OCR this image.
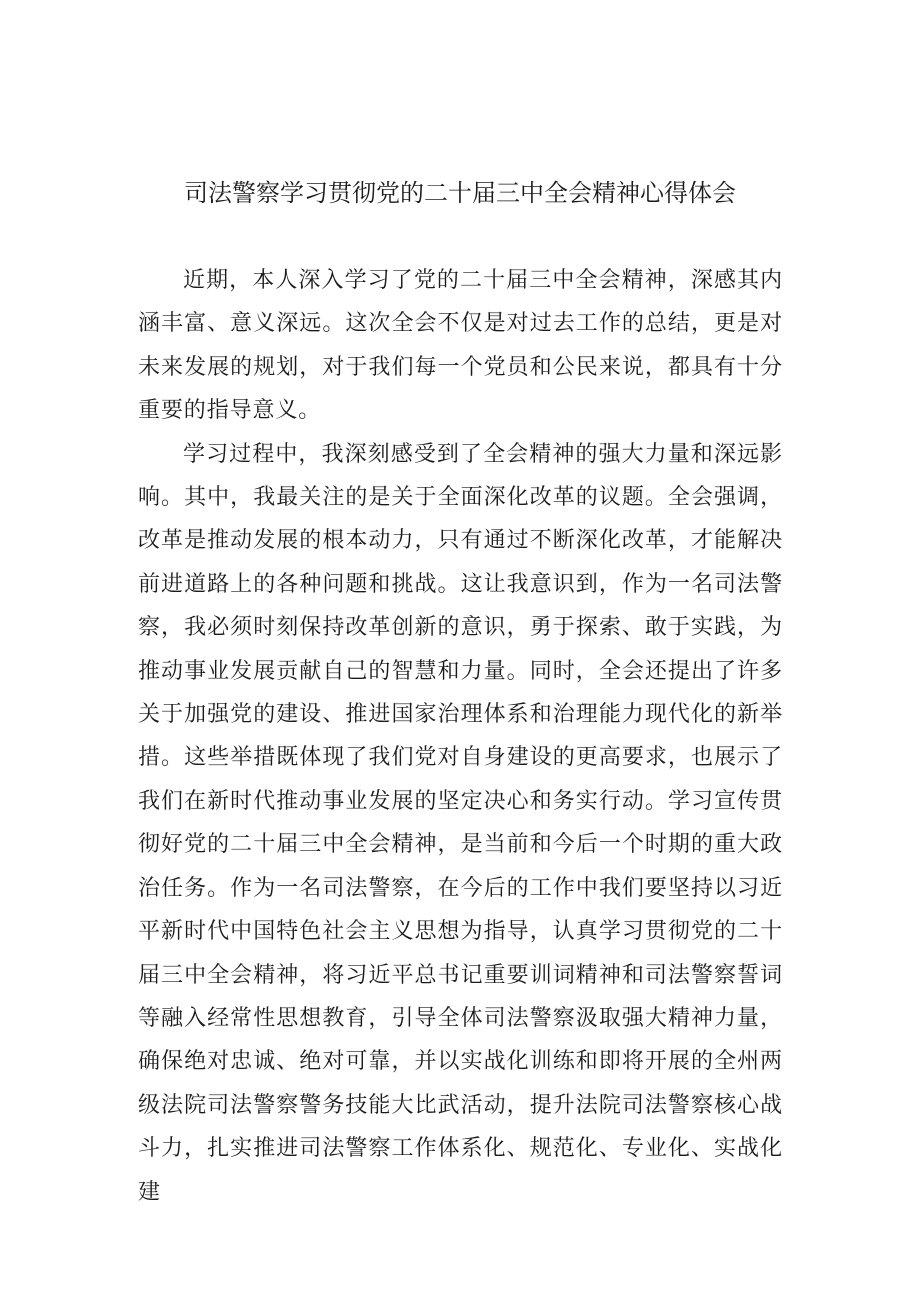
司法警察学习贯彻党的二十届三中全会精神心得体会

近期，本人深入学习了党的二十届三中全会精神，深感其内涵丰富、意义深远。这次全会不仅是对过去工作的总结，更是对未来发展的规划，对于我们每一个党员和公民来说，都具有十分重要的指导意义。

学习过程中，我深刻感受到了全会精神的强大力量和深远影响。其中，我最关注的是关于全面深化改革的议题。全会强调，改革是推动发展的根本动力，只有通过不断深化改革，才能解决前进道路上的各种问题和挑战。这让我意识到，作为一名司法警察，我必须时刻保持改革创新的意识，勇于探索、敢于实践，为推动事业发展贡献自己的智慧和力量。同时，全会还提出了许多关于加强党的建设、推进国家治理体系和治理能力现代化的新举措。这些举措既体现了我们党对自身建设的更高要求，也展示了我们在新时代推动事业发展的坚定决心和务实行动。学习宣传贯彻好党的二十届三中全会精神，是当前和今后一个时期的重大政治任务。作为一名司法警察，在今后的工作中我们要坚持以习近平新时代中国特色社会主义思想为指导，认真学习贯彻党的二十届三中全会精神，将习近平总书记重要训词精神和司法警察誓词等融入经常性思想教育，引导全体司法警察汲取强大精神力量，确保绝对忠诚、绝对可靠，并以实战化训练和即将开展的全州两级法院司法警察警务技能大比武活动，提升法院司法警察核心战斗力，扎实推进司法警察工作体系化、规范化、专业化、实战化建
